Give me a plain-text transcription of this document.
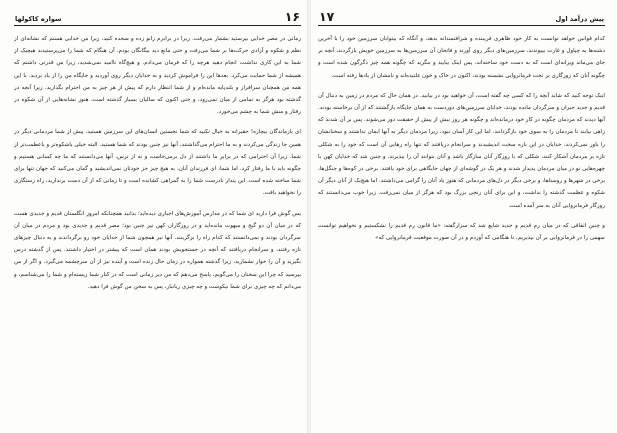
۱۶
سواره کاکولها

زمانی در مصر خدایی بپرستید بشمار می‌رفت. زیرا در برابرم زانو زده و سجده کنید، زیرا من خدایی هستم که نشانه‌ای از نظم و شکوه و آزادی حرکت‌ها بر شما می‌رفت و حتی مانع دید بیگانگان بودم. آن هنگام که شما را می‌پرستیدند هیچیک از شما به این کاری نداشت، انجام دهید هرچه را که فرمان می‌دادم. و هیچ‌گاه ناامید نمی‌شدید، زیرا من قدرتی داشتم که همیشه از شما حمایت می‌کرد. بعدها این را فراموش کردید و به خدایان دیگر روی آوردید و جایگاه من را از یاد بردید. با این همه من همچنان سرافراز و بلندپایه مانده‌ام و از شما انتظار دارم که پیش از هر چیز به من احترام بگذارید. زیرا آنچه در گذشته بود هرگز به تمامی از میان نمی‌رود، و حتی اکنون که سالیان بسیار گذشته است، هنوز نشانه‌هایی از آن شکوه در رفتار و منش شما به چشم می‌خورد.

ای بازماندگان بیچاره! حقیرانه به خیال نکنید که شما نخستین انسان‌های این سرزمین هستید. پیش از شما مردمانی دیگر در همین جا زندگی می‌کردند و به ما احترام می‌گذاشتند، آنها نیز چنین بودند که شما هستید. البته خیلی باشکوه‌تر و باعظمت‌تر از شما. زیرا آن احترامی که در برابر ما داشتند از دل برمی‌خاست و نه از ترس. آنها می‌دانستند که ما چه کسانی هستیم و چگونه باید با ما رفتار کرد. اما شما، ای فرزندان آنان، به هیچ چیز جز خودتان نمی‌اندیشید و گمان می‌کنید که جهان تنها برای شما ساخته شده است. این پندار نادرست شما را به گمراهی کشانده است و تا زمانی که از آن دست برندارید، راه رستگاری را نخواهید یافت.

پس گوش فرا دارید ای شما که در مدارس آموزش‌های اجباری دیده‌اید؛ بدانید همچنانکه امروز انگلستان قدیم و جدیدی هست که در میان آن دو گیج و مبهوت مانده‌اید و در روزگاران کهن نیز چنین بود؛ مصر قدیم و جدیدی بود و مردم در میان آن سرگردان بودند و نمی‌دانستند که کدام راه را برگزینند. آنها نیز همچون شما از خدایان خود رو برگرداندند و به دنبال چیزهای تازه رفتند، و سرانجام دریافتند که آنچه در جستجویش بودند همان است که پیشتر در اختیار داشتند. پس از گذشته درس بگیرید و آن را خوار نشمارید، زیرا گذشته همواره در زمان حال زنده است و آینده نیز از آن سرچشمه می‌گیرد. و اگر از من بپرسید که چرا این سخنان را می‌گویم، پاسخ می‌دهم که من دیر زمانی است که در کنار شما زیسته‌ام و شما را می‌شناسم، و می‌دانم که چه چیزی برای شما نیکوست و چه چیزی زیانبار، پس به سخن من گوش فرا دهید.

پیش درآمد اول
۱۷

کدام قوانین خواهد توانست به کار خود ظاهری فریبنده و شرافتمندانه بدهد، و آنگاه که بیتوابان سرزمین خود را با آخرین دشنه‌ها به چپاول و غارت بپیوندند، سرزمین‌های دیگر روی آورند و فاتحان آن سرزمین‌ها به سرزمین خویش بازگردند، آنچه بر جای می‌ماند ویرانه‌ای است که به دست خود ساخته‌اند. پس اینک بیایید و بنگرید که چگونه همه چیز دگرگون شده است و چگونه آنان که روزگاری بر تخت فرمانروایی نشسته بودند، اکنون در خاک و خون غلتیده‌اند و نامشان از یادها رفته است.

اینک توجه کنید که شاید آنچه را که کسی چه گفته است، آن خواهید بود در بیابید. در همان حال که مردم در زمین به دنبال آن قدیم و جدید حیران و سرگردان مانده بودند، خدایان سرزمین‌های دوردست به همان جایگاه بازگشتند که از آن برخاسته بودند. آنها دیدند که مردمان چگونه در کار خود درمانده‌اند و چگونه هر روز بیش از پیش از حقیقت دور می‌شوند. پس بر آن شدند که راهی بیابند تا مردمان را به سوی خود بازگردانند. اما این کار آسان نبود، زیرا مردمان دیگر به آنها ایمان نداشتند و سخنانشان را باور نمی‌کردند. خدایان در این باره سخت اندیشیدند و سرانجام دریافتند که تنها راه رهایی آن است که خود را به شکلی تازه بر مردمان آشکار کنند، شکلی که با روزگار آنان سازگار باشد و آنان بتوانند آن را بپذیرند. و چنین شد که خدایان کهن با چهره‌هایی نو در میان مردمان پدیدار شدند و هر یک در گوشه‌ای از جهان جایگاهی برای خود یافتند. برخی در کوه‌ها و جنگل‌ها، برخی در شهرها و روستاها، و برخی دیگر در دل‌های مردمانی که هنوز یاد آنان را گرامی می‌داشتند. اما هیچ‌یک از آنان دیگر آن شکوه و عظمت گذشته را نداشت، و این برای آنان رنجی بزرگ بود که هرگز از میان نمی‌رفت. زیرا خوب می‌دانستند که روزگار فرمانروایی آنان به سر آمده است.

و چنین اتفاقی که در میان رم قدیم و جدید شایع شد که سزارگفته: «ما قانون رم قدیم را نشکستیم و نخواهیم توانست سهمی را در فرمانروایی بر آن بپذیریم، تا هنگامی که آوردم و در آن صورت موقعیت فرمانروایی که»
